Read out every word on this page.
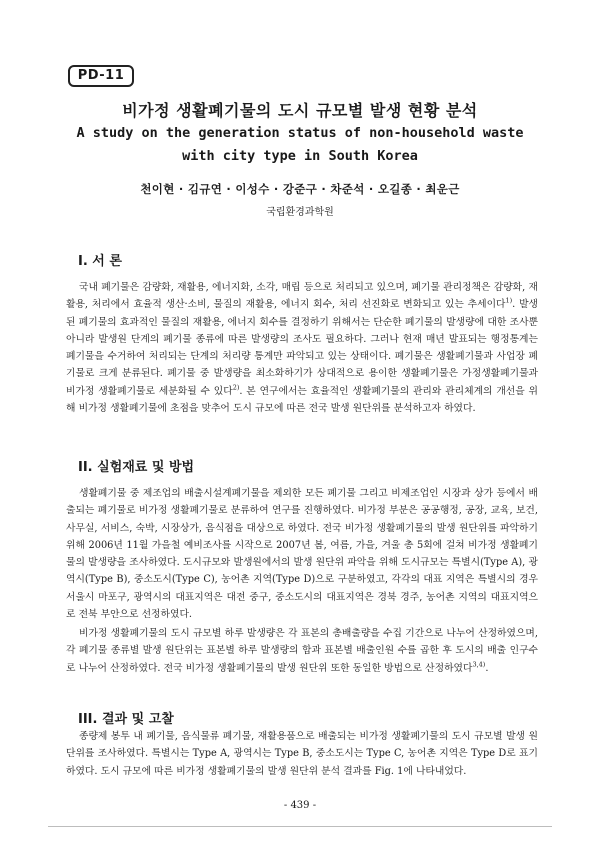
PD-11
비가정 생활폐기물의 도시 규모별 발생 현황 분석
A study on the generation status of non-household waste with city type in South Korea
천이현 · 김규연 · 이성수 · 강준구 · 차준석 · 오길종 · 최운근
국립환경과학원
I. 서 론

국내 폐기물은 감량화, 재활용, 에너지화, 소각, 매립 등으로 처리되고 있으며, 폐기물 관리정책은 감량화, 재활용, 처리에서 효율적 생산·소비, 물질의 재활용, 에너지 회수, 처리 선진화로 변화되고 있는 추세이다$^{1)}$. 발생된 폐기물의 효과적인 물질의 재활용, 에너지 회수를 결정하기 위해서는 단순한 폐기물의 발생량에 대한 조사뿐 아니라 발생원 단계의 폐기물 종류에 따른 발생량의 조사도 필요하다. 그러나 현재 매년 발표되는 행정통계는 폐기물을 수거하여 처리되는 단계의 처리량 통계만 파악되고 있는 상태이다. 폐기물은 생활폐기물과 사업장 폐기물로 크게 분류된다. 폐기물 중 발생량을 최소화하기가 상대적으로 용이한 생활폐기물은 가정생활폐기물과 비가정 생활폐기물로 세분화될 수 있다$^{2)}$. 본 연구에서는 효율적인 생활폐기물의 관리와 관리체계의 개선을 위해 비가정 생활폐기물에 초점을 맞추어 도시 규모에 따른 전국 발생 원단위를 분석하고자 하였다.

II. 실험재료 및 방법

생활폐기물 중 제조업의 배출시설계폐기물을 제외한 모든 폐기물 그리고 비제조업인 시장과 상가 등에서 배출되는 폐기물로 비가정 생활폐기물로 분류하여 연구를 진행하였다. 비가정 부분은 공공행정, 공장, 교육, 보건, 사무실, 서비스, 숙박, 시장상가, 음식점을 대상으로 하였다. 전국 비가정 생활폐기물의 발생 원단위를 파악하기 위해 2006년 11월 가을철 예비조사를 시작으로 2007년 봄, 여름, 가을, 겨울 총 5회에 걸쳐 비가정 생활폐기물의 발생량을 조사하였다. 도시규모와 발생원에서의 발생 원단위 파악을 위해 도시규모는 특별시(Type A), 광역시(Type B), 중소도시(Type C), 농어촌 지역(Type D)으로 구분하였고, 각각의 대표 지역은 특별시의 경우 서울시 마포구, 광역시의 대표지역은 대전 중구, 중소도시의 대표지역은 경북 경주, 농어촌 지역의 대표지역으로 전북 부안으로 선정하였다.

비가정 생활폐기물의 도시 규모별 하루 발생량은 각 표본의 총배출량을 수집 기간으로 나누어 산정하였으며, 각 폐기물 종류별 발생 원단위는 표본별 하루 발생량의 합과 표본별 배출인원 수를 곱한 후 도시의 배출 인구수로 나누어 산정하였다. 전국 비가정 생활폐기물의 발생 원단위 또한 동일한 방법으로 산정하였다$^{3,4)}$.

III. 결과 및 고찰

종량제 봉투 내 폐기물, 음식물류 폐기물, 재활용품으로 배출되는 비가정 생활폐기물의 도시 규모별 발생 원단위를 조사하였다. 특별시는 Type A, 광역시는 Type B, 중소도시는 Type C, 농어촌 지역은 Type D로 표기하였다. 도시 규모에 따른 비가정 생활폐기물의 발생 원단위 분석 결과를 Fig. 1에 나타내었다.

- 439 -
